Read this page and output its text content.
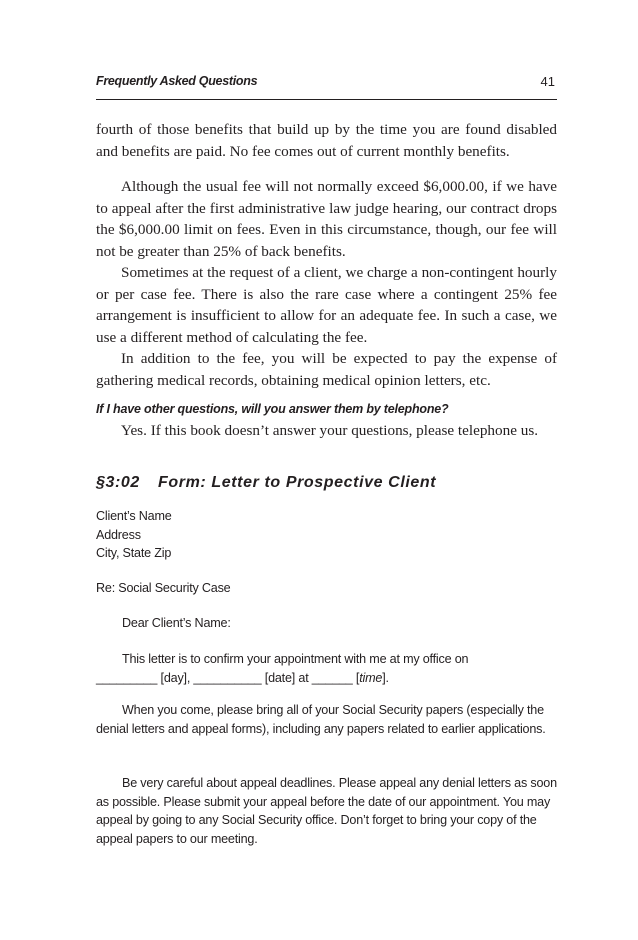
Frequently Asked Questions	41

fourth of those benefits that build up by the time you are found disabled and benefits are paid. No fee comes out of current monthly benefits.

Although the usual fee will not normally exceed $6,000.00, if we have to appeal after the first administrative law judge hearing, our contract drops the $6,000.00 limit on fees. Even in this circumstance, though, our fee will not be greater than 25% of back benefits.

Sometimes at the request of a client, we charge a non-contingent hourly or per case fee. There is also the rare case where a contingent 25% fee arrangement is insufficient to allow for an adequate fee. In such a case, we use a different method of calculating the fee.

In addition to the fee, you will be expected to pay the expense of gathering medical records, obtaining medical opinion letters, etc.

If I have other questions, will you answer them by telephone?

Yes. If this book doesn’t answer your questions, please telephone us.

§3:02 Form: Letter to Prospective Client
Client’s Name
Address
City, State Zip
Re: Social Security Case
Dear Client’s Name:
This letter is to confirm your appointment with me at my office on
_________ [day], __________ [date] at ______ [time].

When you come, please bring all of your Social Security papers (especially the denial letters and appeal forms), including any papers related to earlier applications.

Be very careful about appeal deadlines. Please appeal any denial letters as soon as possible. Please submit your appeal before the date of our appointment. You may appeal by going to any Social Security office. Don’t forget to bring your copy of the appeal papers to our meeting.
